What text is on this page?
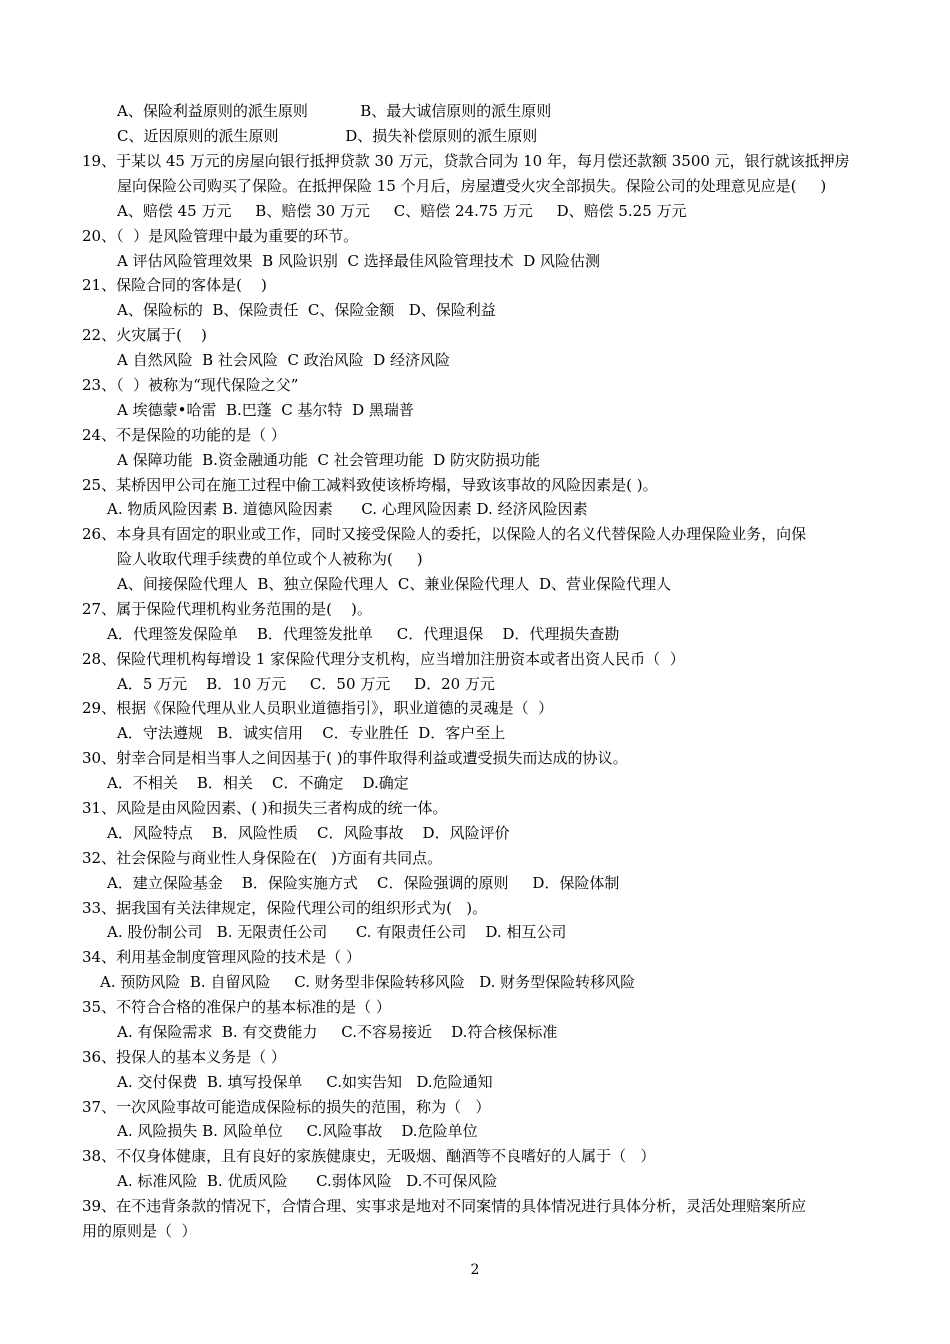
A、保险利益原则的派生原则           B、最大诚信原则的派生原则
C、近因原则的派生原则              D、损失补偿原则的派生原则
19、于某以 45 万元的房屋向银行抵押贷款 30 万元，贷款合同为 10 年，每月偿还款额 3500 元，银行就该抵押房
屋向保险公司购买了保险。在抵押保险 15 个月后，房屋遭受火灾全部损失。保险公司的处理意见应是(     )
A、赔偿 45 万元     B、赔偿 30 万元     C、赔偿 24.75 万元     D、赔偿 5.25 万元
20、（  ）是风险管理中最为重要的环节。
A 评估风险管理效果  B 风险识别  C 选择最佳风险管理技术  D 风险估测
21、保险合同的客体是(    )
A、保险标的  B、保险责任  C、保险金额   D、保险利益
22、火灾属于(    )
A 自然风险  B 社会风险  C 政治风险  D 经济风险
23、（  ）被称为“现代保险之父”
A 埃德蒙•哈雷  B.巴蓬  C 基尔特  D 黑瑞普
24、不是保险的功能的是（ ）
A 保障功能  B.资金融通功能  C 社会管理功能  D 防灾防损功能
25、某桥因甲公司在施工过程中偷工减料致使该桥垮榻，导致该事故的风险因素是( )。
A. 物质风险因素 B. 道德风险因素      C. 心理风险因素 D. 经济风险因素
26、本身具有固定的职业或工作，同时又接受保险人的委托，以保险人的名义代替保险人办理保险业务，向保
险人收取代理手续费的单位或个人被称为(     )
A、间接保险代理人  B、独立保险代理人  C、兼业保险代理人  D、营业保险代理人
27、属于保险代理机构业务范围的是(    )。
A．代理签发保险单    B．代理签发批单     C．代理退保    D．代理损失查勘
28、保险代理机构每增设 1 家保险代理分支机构，应当增加注册资本或者出资人民币（  ）
A．5 万元    B．10 万元     C．50 万元     D．20 万元
29、根据《保险代理从业人员职业道德指引》，职业道德的灵魂是（  ）
A．守法遵规   B．诚实信用    C．专业胜任  D．客户至上
30、射幸合同是相当事人之间因基于( )的事件取得利益或遭受损失而达成的协议。
A．不相关    B．相关    C．不确定    D.确定
31、风险是由风险因素、( )和损失三者构成的统一体。
A．风险特点    B．风险性质    C．风险事故    D．风险评价
32、社会保险与商业性人身保险在(   )方面有共同点。
A．建立保险基金    B．保险实施方式    C．保险强调的原则     D．保险体制
33、据我国有关法律规定，保险代理公司的组织形式为(   )。
A. 股份制公司   B. 无限责任公司      C. 有限责任公司    D. 相互公司
34、利用基金制度管理风险的技术是（ ）
A. 预防风险  B. 自留风险     C. 财务型非保险转移风险   D. 财务型保险转移风险
35、不符合合格的准保户的基本标准的是（ ）
A. 有保险需求  B. 有交费能力     C.不容易接近    D.符合核保标准
36、投保人的基本义务是（ ）
A. 交付保费  B. 填写投保单     C.如实告知   D.危险通知
37、一次风险事故可能造成保险标的损失的范围，称为（   ）
A. 风险损失 B. 风险单位     C.风险事故    D.危险单位
38、不仅身体健康，且有良好的家族健康史，无吸烟、酗酒等不良嗜好的人属于（   ）
A. 标准风险  B. 优质风险      C.弱体风险   D.不可保风险
39、在不违背条款的情况下，合情合理、实事求是地对不同案情的具体情况进行具体分析，灵活处理赔案所应
用的原则是（  ）
2
